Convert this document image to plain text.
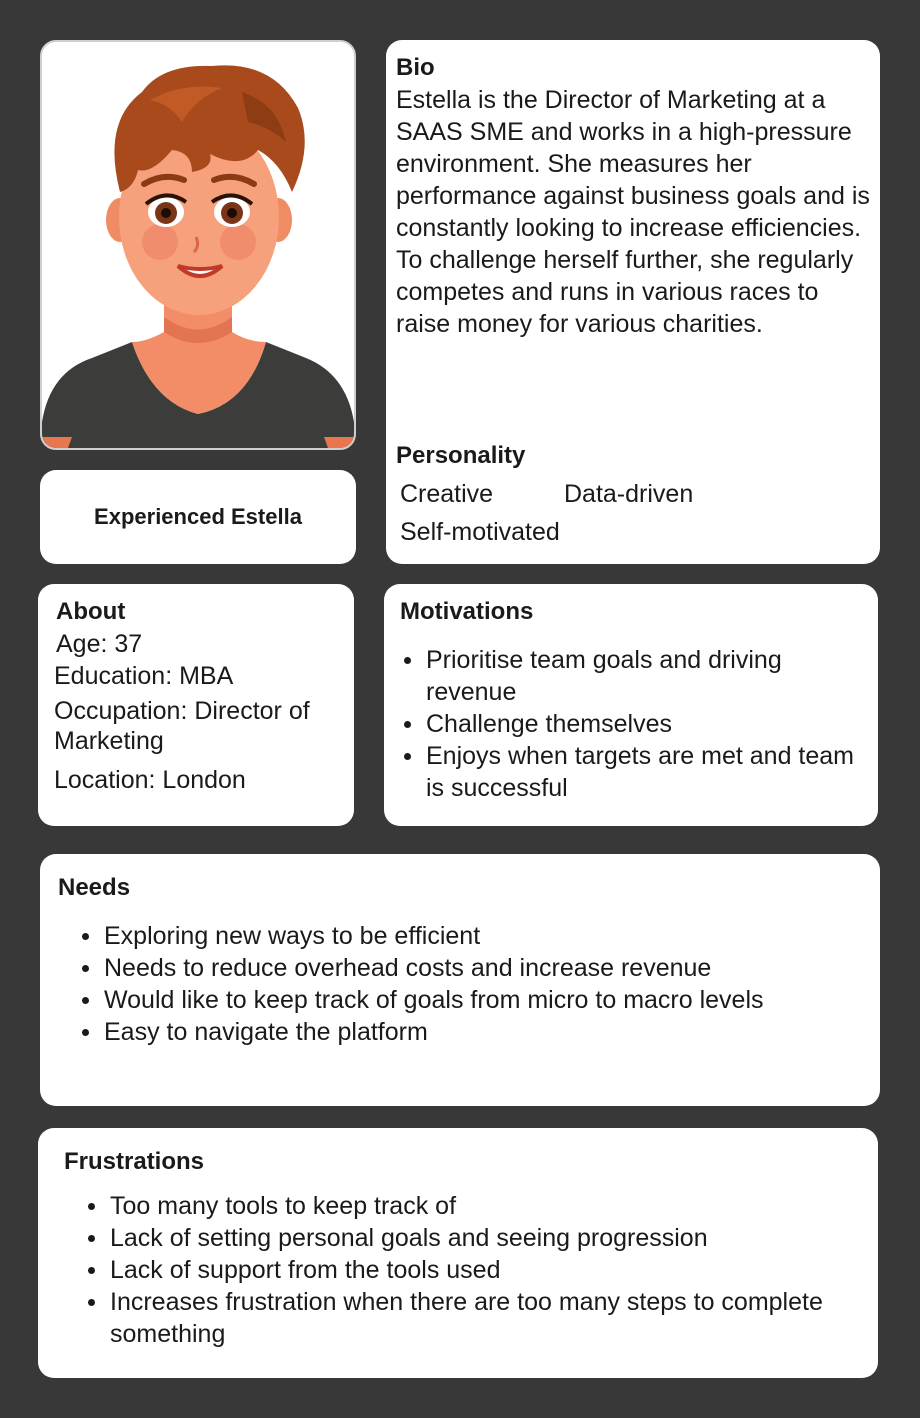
Experienced Estella
Bio
Estella is the Director of Marketing at a SAAS SME and works in a high-pressure environment. She measures her performance against business goals and is constantly looking to increase efficiencies. To challenge herself further, she regularly competes and runs in various races to raise money for various charities.
Personality
Creative	Data-driven
Self-motivated
About
Age: 37
Education: MBA
Occupation: Director of Marketing
Location: London
Motivations
Prioritise team goals and driving revenue
Challenge themselves
Enjoys when targets are met and team is successful
Needs
Exploring new ways to be efficient
Needs to reduce overhead costs and increase revenue
Would like to keep track of goals from micro to macro levels
Easy to navigate the platform
Frustrations
Too many tools to keep track of
Lack of setting personal goals and seeing progression
Lack of support from the tools used
Increases frustration when there are too many steps to complete something
